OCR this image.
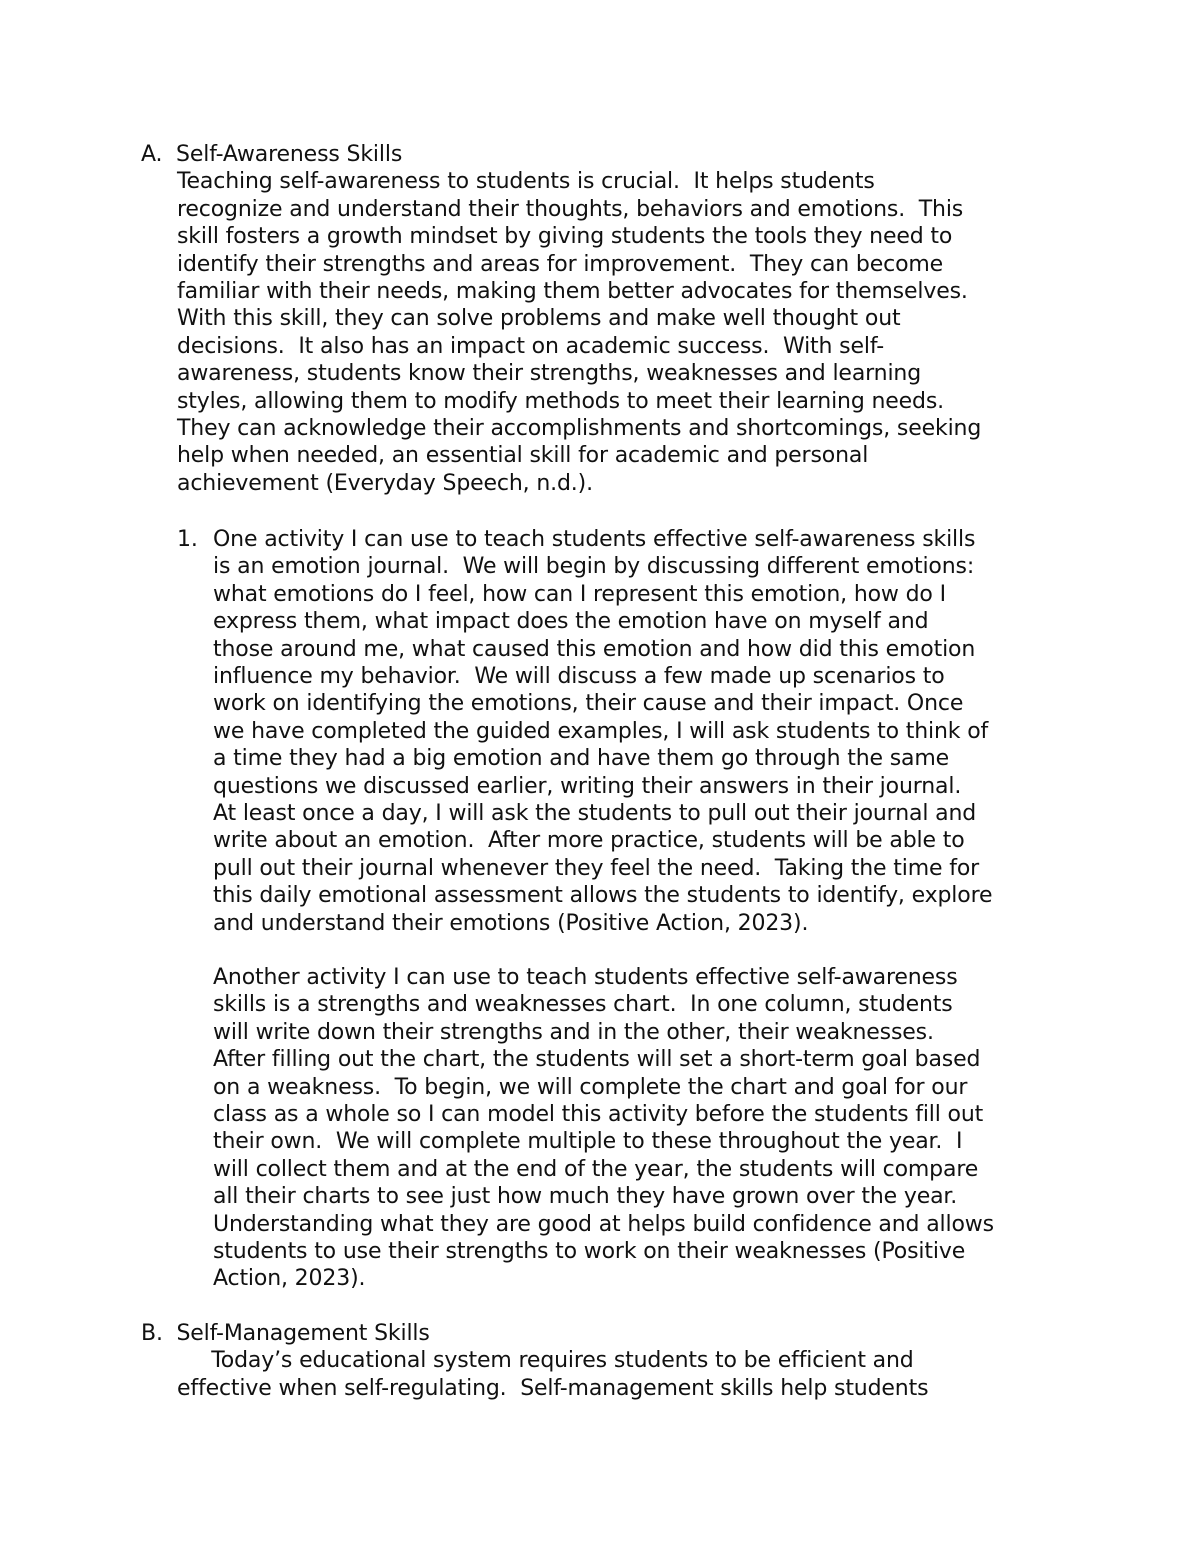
A. Self-Awareness Skills
Teaching self-awareness to students is crucial.  It helps students
recognize and understand their thoughts, behaviors and emotions.  This
skill fosters a growth mindset by giving students the tools they need to
identify their strengths and areas for improvement.  They can become
familiar with their needs, making them better advocates for themselves.
With this skill, they can solve problems and make well thought out
decisions.  It also has an impact on academic success.  With self-
awareness, students know their strengths, weaknesses and learning
styles, allowing them to modify methods to meet their learning needs.
They can acknowledge their accomplishments and shortcomings, seeking
help when needed, an essential skill for academic and personal
achievement (Everyday Speech, n.d.).
1. One activity I can use to teach students effective self-awareness skills
is an emotion journal.  We will begin by discussing different emotions:
what emotions do I feel, how can I represent this emotion, how do I
express them, what impact does the emotion have on myself and
those around me, what caused this emotion and how did this emotion
influence my behavior.  We will discuss a few made up scenarios to
work on identifying the emotions, their cause and their impact. Once
we have completed the guided examples, I will ask students to think of
a time they had a big emotion and have them go through the same
questions we discussed earlier, writing their answers in their journal.
At least once a day, I will ask the students to pull out their journal and
write about an emotion.  After more practice, students will be able to
pull out their journal whenever they feel the need.  Taking the time for
this daily emotional assessment allows the students to identify, explore
and understand their emotions (Positive Action, 2023).
Another activity I can use to teach students effective self-awareness
skills is a strengths and weaknesses chart.  In one column, students
will write down their strengths and in the other, their weaknesses.
After filling out the chart, the students will set a short-term goal based
on a weakness.  To begin, we will complete the chart and goal for our
class as a whole so I can model this activity before the students fill out
their own.  We will complete multiple to these throughout the year.  I
will collect them and at the end of the year, the students will compare
all their charts to see just how much they have grown over the year.
Understanding what they are good at helps build confidence and allows
students to use their strengths to work on their weaknesses (Positive
Action, 2023).
B. Self-Management Skills
Today’s educational system requires students to be efficient and
effective when self-regulating.  Self-management skills help students
